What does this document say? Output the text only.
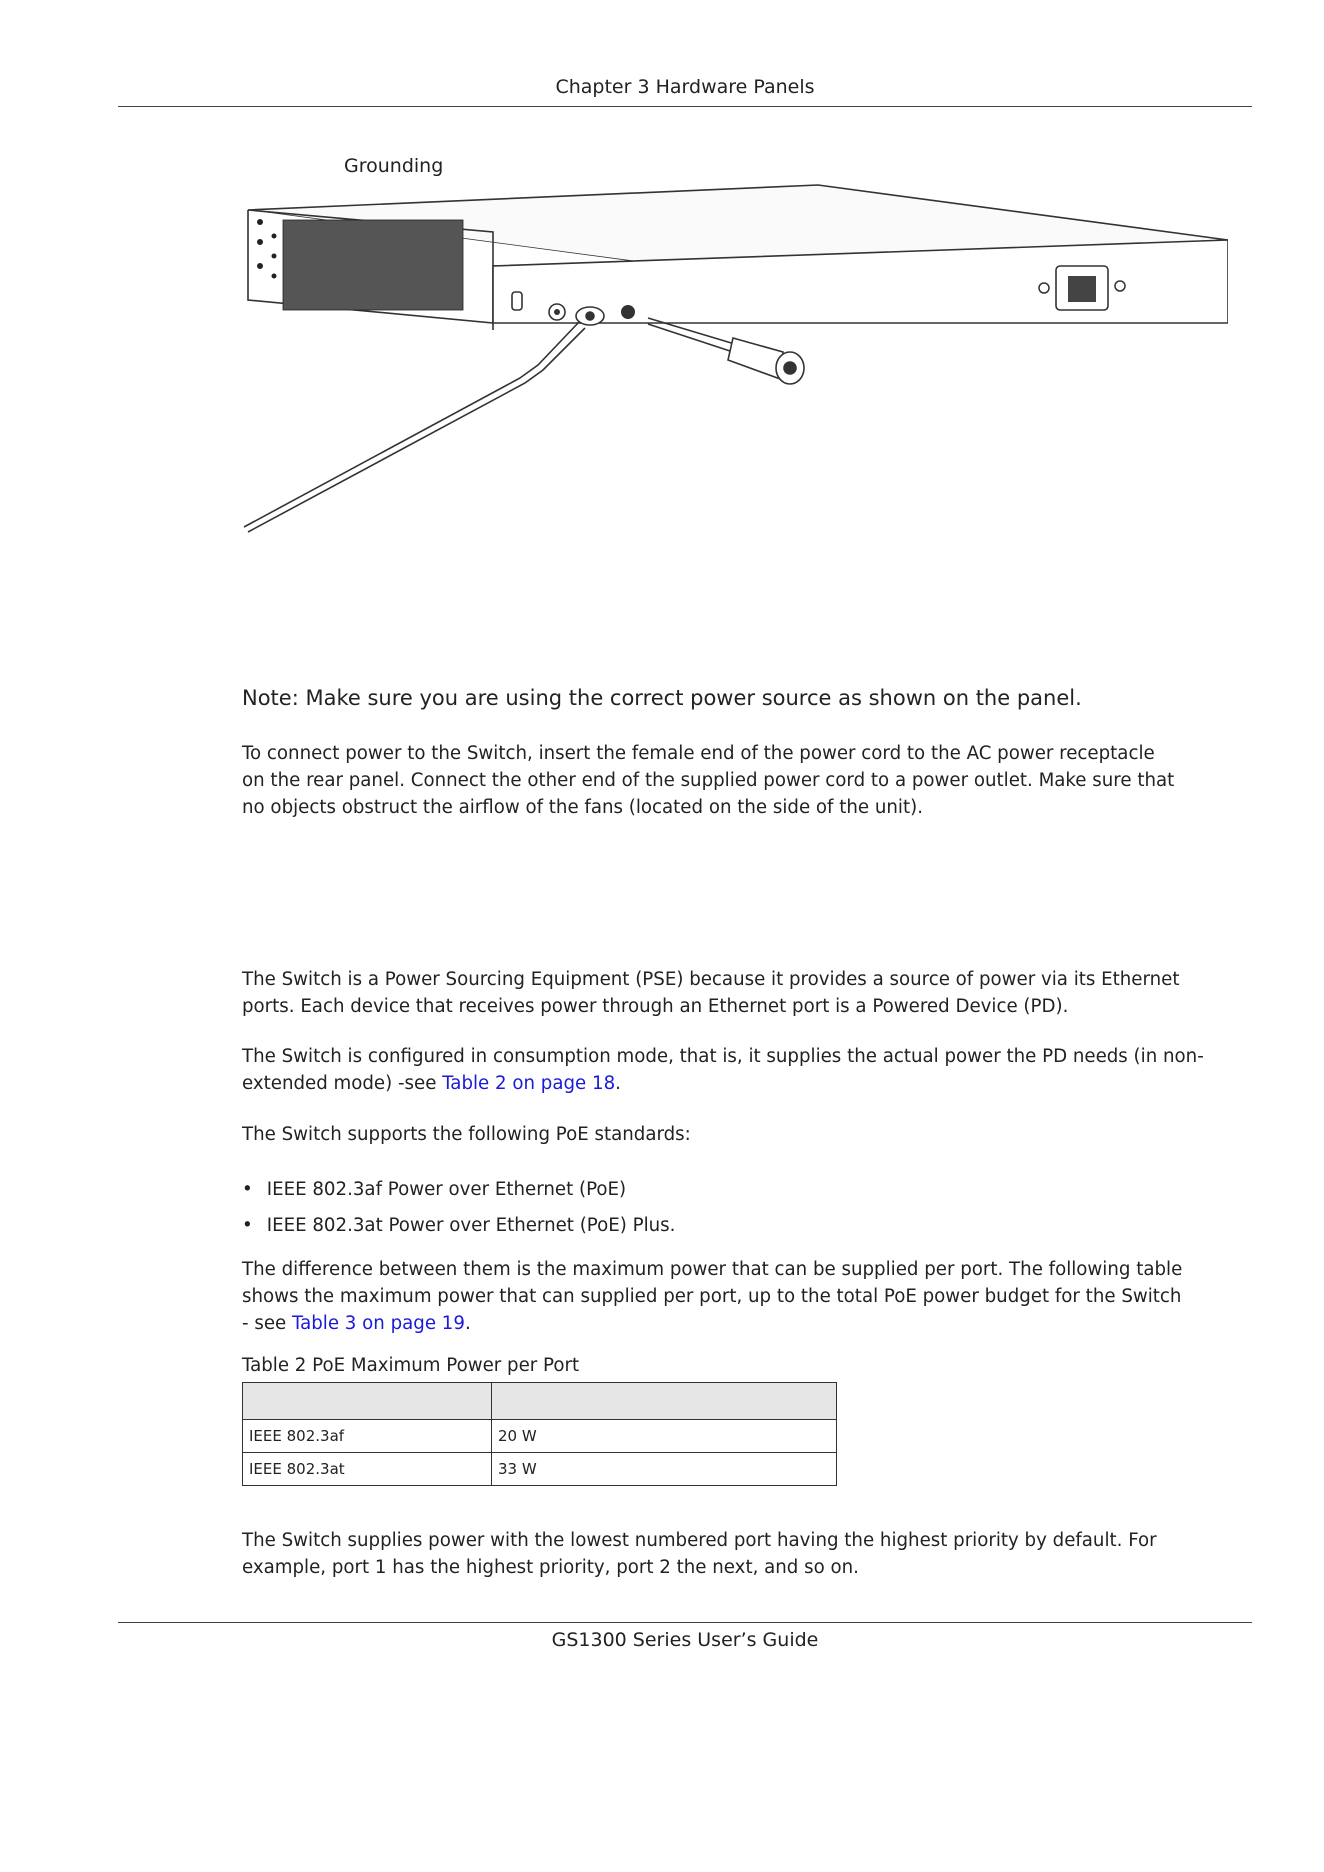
Chapter 3 Hardware Panels
Grounding
Note: Make sure you are using the correct power source as shown on the panel.
To connect power to the Switch, insert the female end of the power cord to the AC power receptacle
on the rear panel. Connect the other end of the supplied power cord to a power outlet. Make sure that
no objects obstruct the airflow of the fans (located on the side of the unit).
The Switch is a Power Sourcing Equipment (PSE) because it provides a source of power via its Ethernet
ports. Each device that receives power through an Ethernet port is a Powered Device (PD).
The Switch is configured in consumption mode, that is, it supplies the actual power the PD needs (in non-
extended mode) -see Table 2 on page 18.
The Switch supports the following PoE standards:
• IEEE 802.3af Power over Ethernet (PoE)
• IEEE 802.3at Power over Ethernet (PoE) Plus.
The difference between them is the maximum power that can be supplied per port. The following table
shows the maximum power that can supplied per port, up to the total PoE power budget for the Switch
- see Table 3 on page 19.
Table 2 PoE Maximum Power per Port

IEEE 802.3af	20 W
IEEE 802.3at	33 W
The Switch supplies power with the lowest numbered port having the highest priority by default. For
example, port 1 has the highest priority, port 2 the next, and so on.
GS1300 Series User’s Guide
